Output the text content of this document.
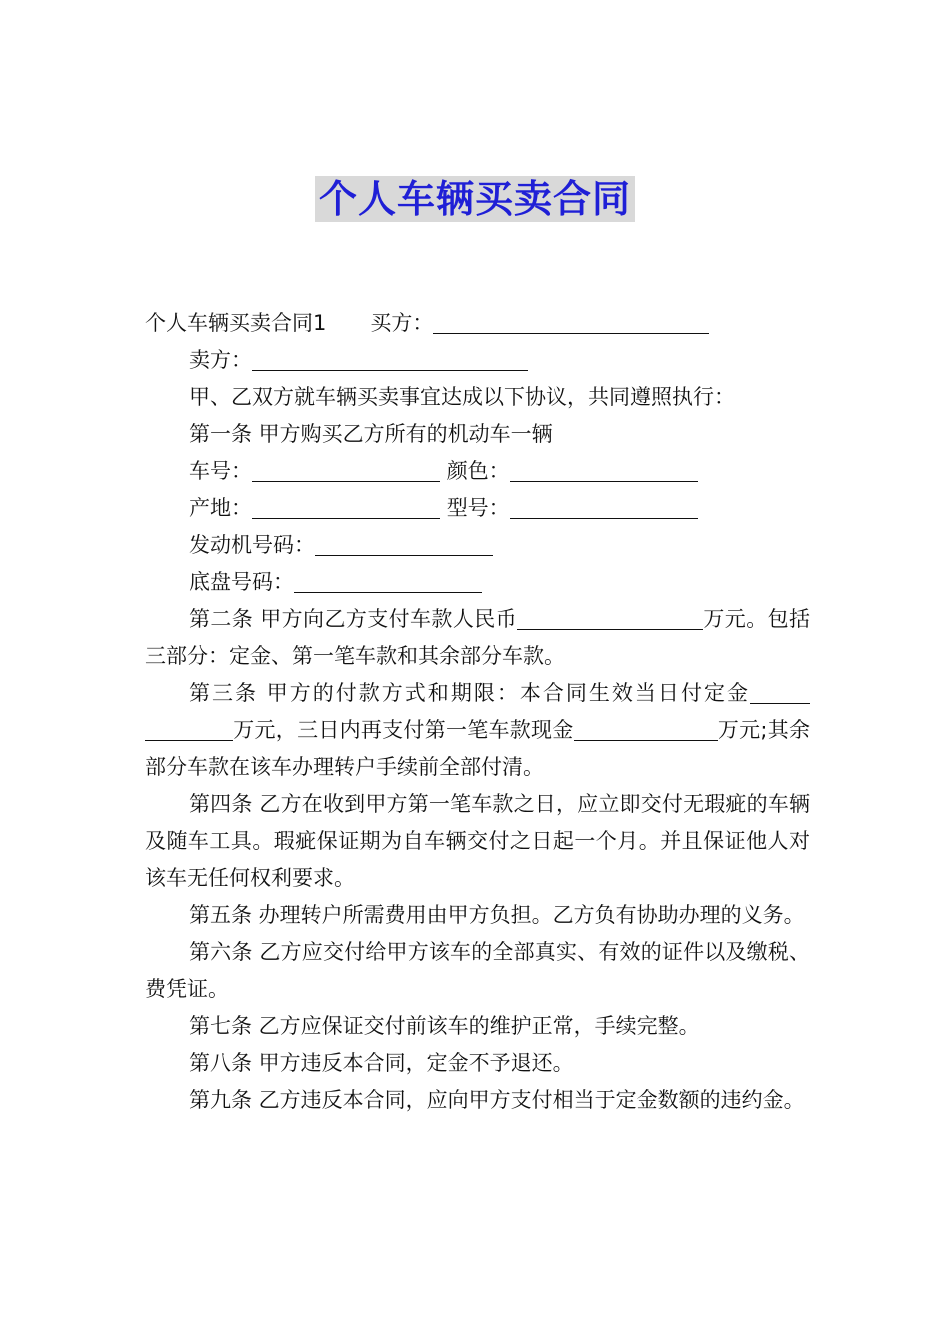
个人车辆买卖合同
个人车辆买卖合同1 买方：
卖方：
甲、乙双方就车辆买卖事宜达成以下协议，共同遵照执行：
第一条 甲方购买乙方所有的机动车一辆
车号：	颜色：
产地：	型号：
发动机号码：
底盘号码：
第二条 甲方向乙方支付车款人民币	万元。包括三部分：定金、第一笔车款和其余部分车款。
第三条 甲方的付款方式和期限：本合同生效当日付定金万元，三日内再支付第一笔车款现金	万元;其余部分车款在该车办理转户手续前全部付清。
第四条 乙方在收到甲方第一笔车款之日，应立即交付无瑕疵的车辆及随车工具。瑕疵保证期为自车辆交付之日起一个月。并且保证他人对该车无任何权利要求。
第五条 办理转户所需费用由甲方负担。乙方负有协助办理的义务。
第六条 乙方应交付给甲方该车的全部真实、有效的证件以及缴税、费凭证。
第七条 乙方应保证交付前该车的维护正常，手续完整。
第八条 甲方违反本合同，定金不予退还。
第九条 乙方违反本合同，应向甲方支付相当于定金数额的违约金。
